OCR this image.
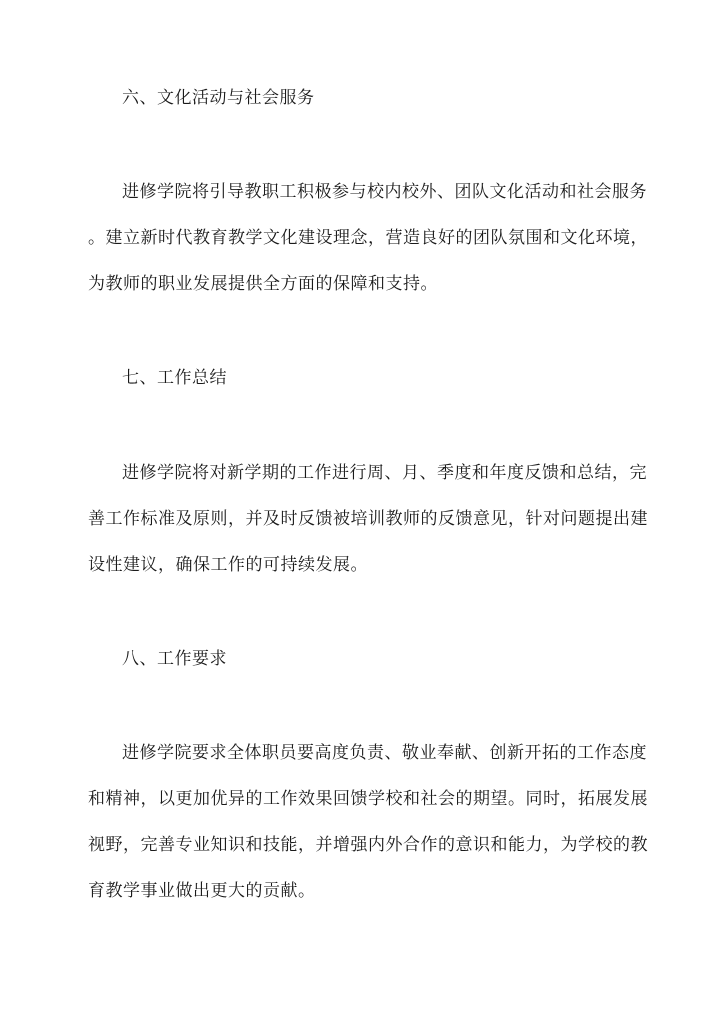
六、文化活动与社会服务
进修学院将引导教职工积极参与校内校外、团队文化活动和社会服务
。建立新时代教育教学文化建设理念，营造良好的团队氛围和文化环境，
为教师的职业发展提供全方面的保障和支持。
七、工作总结
进修学院将对新学期的工作进行周、月、季度和年度反馈和总结，完
善工作标准及原则，并及时反馈被培训教师的反馈意见，针对问题提出建
设性建议，确保工作的可持续发展。
八、工作要求
进修学院要求全体职员要高度负责、敬业奉献、创新开拓的工作态度
和精神，以更加优异的工作效果回馈学校和社会的期望。同时，拓展发展
视野，完善专业知识和技能，并增强内外合作的意识和能力，为学校的教
育教学事业做出更大的贡献。
